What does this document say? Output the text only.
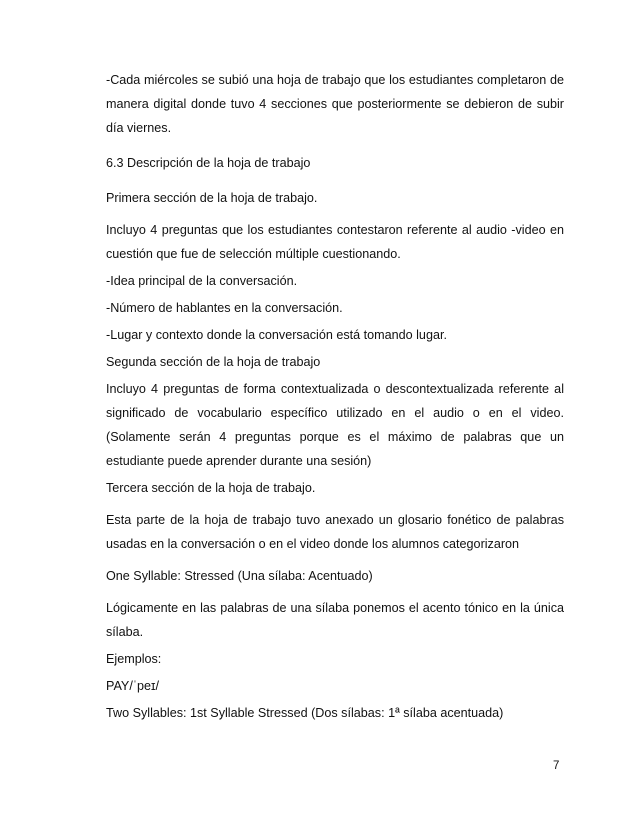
-Cada miércoles se subió una hoja de trabajo que los estudiantes completaron de manera digital donde tuvo 4 secciones que posteriormente se debieron de subir día viernes.

6.3 Descripción de la hoja de trabajo

Primera sección de la hoja de trabajo.

Incluyo 4 preguntas que los estudiantes contestaron referente al audio -video en cuestión que fue de selección múltiple cuestionando.

-Idea principal de la conversación.

-Número de hablantes en la conversación.

-Lugar y contexto donde la conversación está tomando lugar.

Segunda sección de la hoja de trabajo

Incluyo 4 preguntas de forma contextualizada o descontextualizada referente al significado de vocabulario específico utilizado en el audio o en el video. (Solamente serán 4 preguntas porque es el máximo de palabras que un estudiante puede aprender durante una sesión)

Tercera sección de la hoja de trabajo.

Esta parte de la hoja de trabajo tuvo anexado un glosario fonético de palabras usadas en la conversación o en el video donde los alumnos categorizaron

One Syllable: Stressed (Una sílaba: Acentuado)

Lógicamente en las palabras de una sílaba ponemos el acento tónico en la única sílaba.

Ejemplos:

PAY/ˈpeɪ/

Two Syllables: 1st Syllable Stressed (Dos sílabas: 1ª sílaba acentuada)

7
